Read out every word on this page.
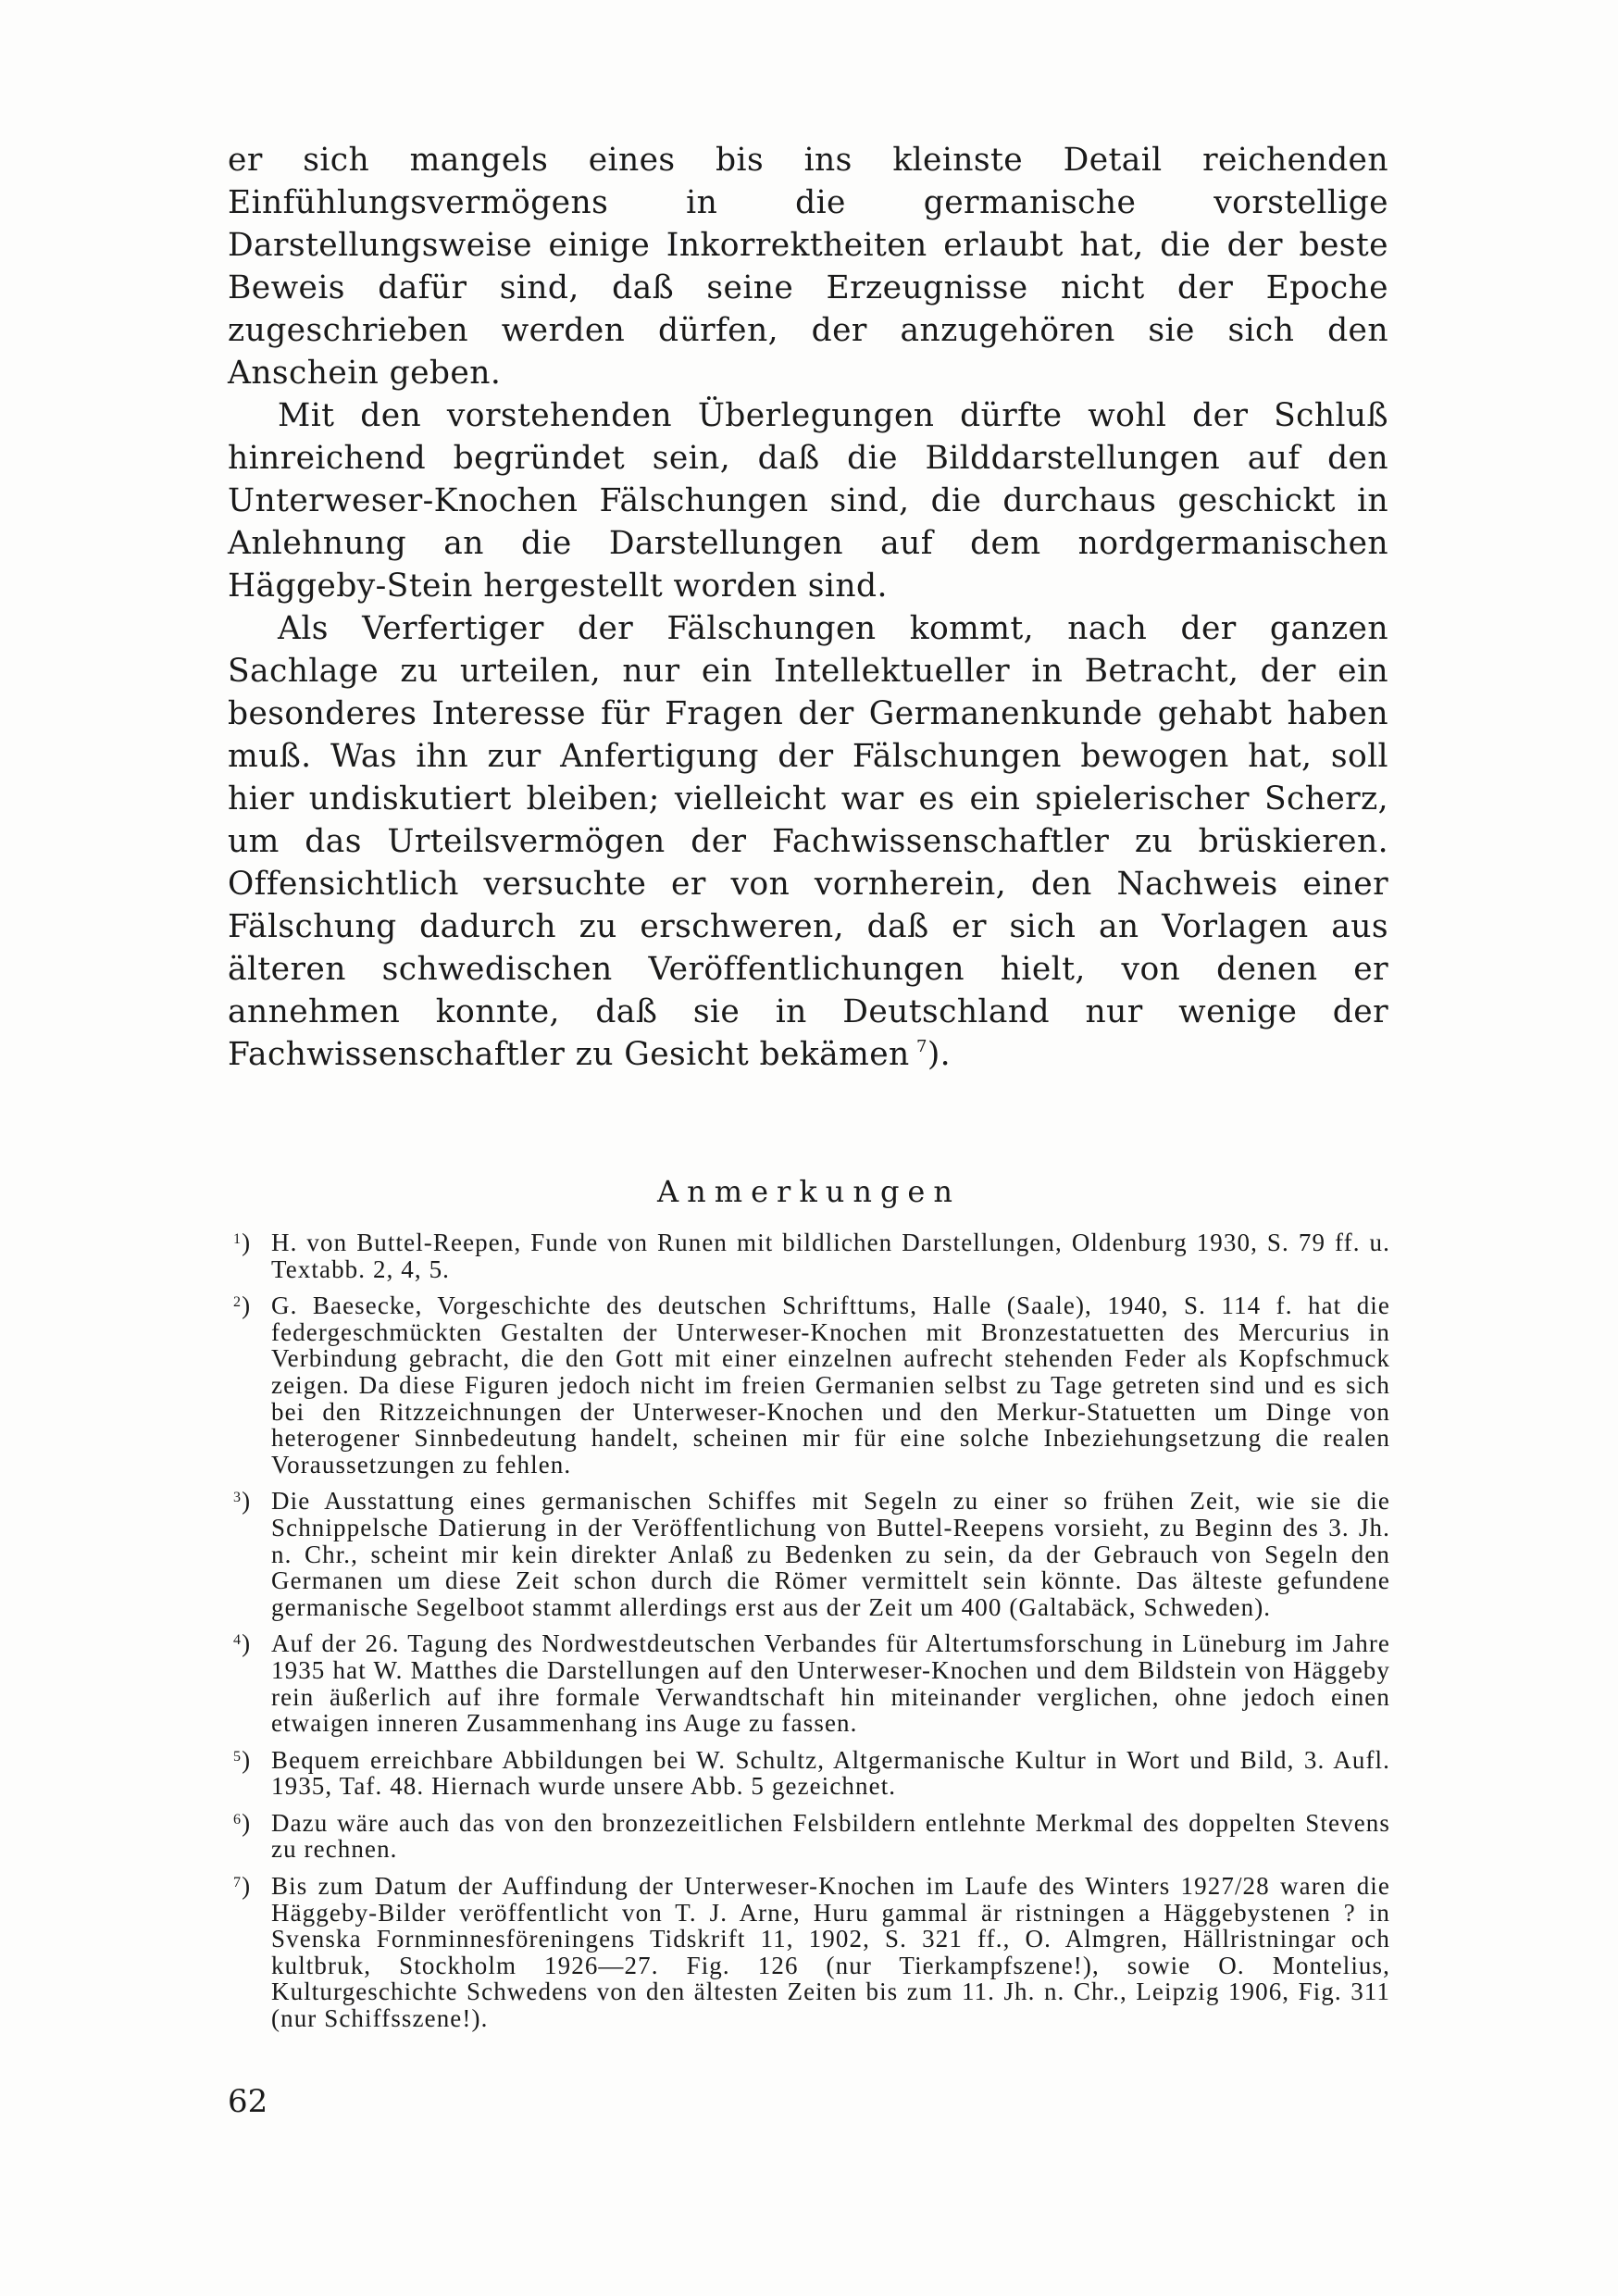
er sich mangels eines bis ins kleinste Detail reichenden Einfühlungsvermögens in die germanische vorstellige Darstellungsweise einige Inkorrektheiten erlaubt hat, die der beste Beweis dafür sind, daß seine Erzeugnisse nicht der Epoche zugeschrieben werden dürfen, der anzugehören sie sich den Anschein geben.

Mit den vorstehenden Überlegungen dürfte wohl der Schluß hinreichend begründet sein, daß die Bilddarstellungen auf den Unterweser-Knochen Fälschungen sind, die durchaus geschickt in Anlehnung an die Darstellungen auf dem nordgermanischen Häggeby-Stein hergestellt worden sind.

Als Verfertiger der Fälschungen kommt, nach der ganzen Sachlage zu urteilen, nur ein Intellektueller in Betracht, der ein besonderes Interesse für Fragen der Germanenkunde gehabt haben muß. Was ihn zur Anfertigung der Fälschungen bewogen hat, soll hier undiskutiert bleiben; vielleicht war es ein spielerischer Scherz, um das Urteilsvermögen der Fachwissenschaftler zu brüskieren. Offensichtlich versuchte er von vornherein, den Nachweis einer Fälschung dadurch zu erschweren, daß er sich an Vorlagen aus älteren schwedischen Veröffentlichungen hielt, von denen er annehmen konnte, daß sie in Deutschland nur wenige der Fachwissenschaftler zu Gesicht bekämen  $^7$).

Anmerkungen
$^1$) H. von Buttel-Reepen, Funde von Runen mit bildlichen Darstellungen, Oldenburg 1930, S. 79 ff. u. Textabb. 2, 4, 5.
$^2$) G. Baesecke, Vorgeschichte des deutschen Schrifttums, Halle (Saale), 1940, S. 114 f. hat die federgeschmückten Gestalten der Unterweser-Knochen mit Bronzestatuetten des Mercurius in Verbindung gebracht, die den Gott mit einer einzelnen aufrecht stehenden Feder als Kopfschmuck zeigen. Da diese Figuren jedoch nicht im freien Germanien selbst zu Tage getreten sind und es sich bei den Ritzzeichnungen der Unterweser-Knochen und den Merkur-Statuetten um Dinge von heterogener Sinnbedeutung handelt, scheinen mir für eine solche Inbeziehungsetzung die realen Voraussetzungen zu fehlen.
$^3$) Die Ausstattung eines germanischen Schiffes mit Segeln zu einer so frühen Zeit, wie sie die Schnippelsche Datierung in der Veröffentlichung von Buttel-Reepens vorsieht, zu Beginn des 3. Jh. n. Chr., scheint mir kein direkter Anlaß zu Bedenken zu sein, da der Gebrauch von Segeln den Germanen um diese Zeit schon durch die Römer vermittelt sein könnte. Das älteste gefundene germanische Segelboot stammt allerdings erst aus der Zeit um 400 (Galtabäck, Schweden).
$^4$) Auf der 26. Tagung des Nordwestdeutschen Verbandes für Altertumsforschung in Lüneburg im Jahre 1935 hat W. Matthes die Darstellungen auf den Unterweser-Knochen und dem Bildstein von Häggeby rein äußerlich auf ihre formale Verwandtschaft hin miteinander verglichen, ohne jedoch einen etwaigen inneren Zusammenhang ins Auge zu fassen.
$^5$) Bequem erreichbare Abbildungen bei W. Schultz, Altgermanische Kultur in Wort und Bild, 3. Aufl. 1935, Taf. 48. Hiernach wurde unsere Abb. 5 gezeichnet.
$^6$) Dazu wäre auch das von den bronzezeitlichen Felsbildern entlehnte Merkmal des doppelten Stevens zu rechnen.
$^7$) Bis zum Datum der Auffindung der Unterweser-Knochen im Laufe des Winters 1927/28 waren die Häggeby-Bilder veröffentlicht von T. J. Arne, Huru gammal är ristningen a Häggebystenen ? in Svenska Fornminnesföreningens Tidskrift 11, 1902, S. 321 ff., O. Almgren, Hällristningar och kultbruk, Stockholm 1926—27. Fig. 126 (nur Tierkampfszene!), sowie O. Montelius, Kulturgeschichte Schwedens von den ältesten Zeiten bis zum 11. Jh. n. Chr., Leipzig 1906, Fig. 311 (nur Schiffsszene!).
62
